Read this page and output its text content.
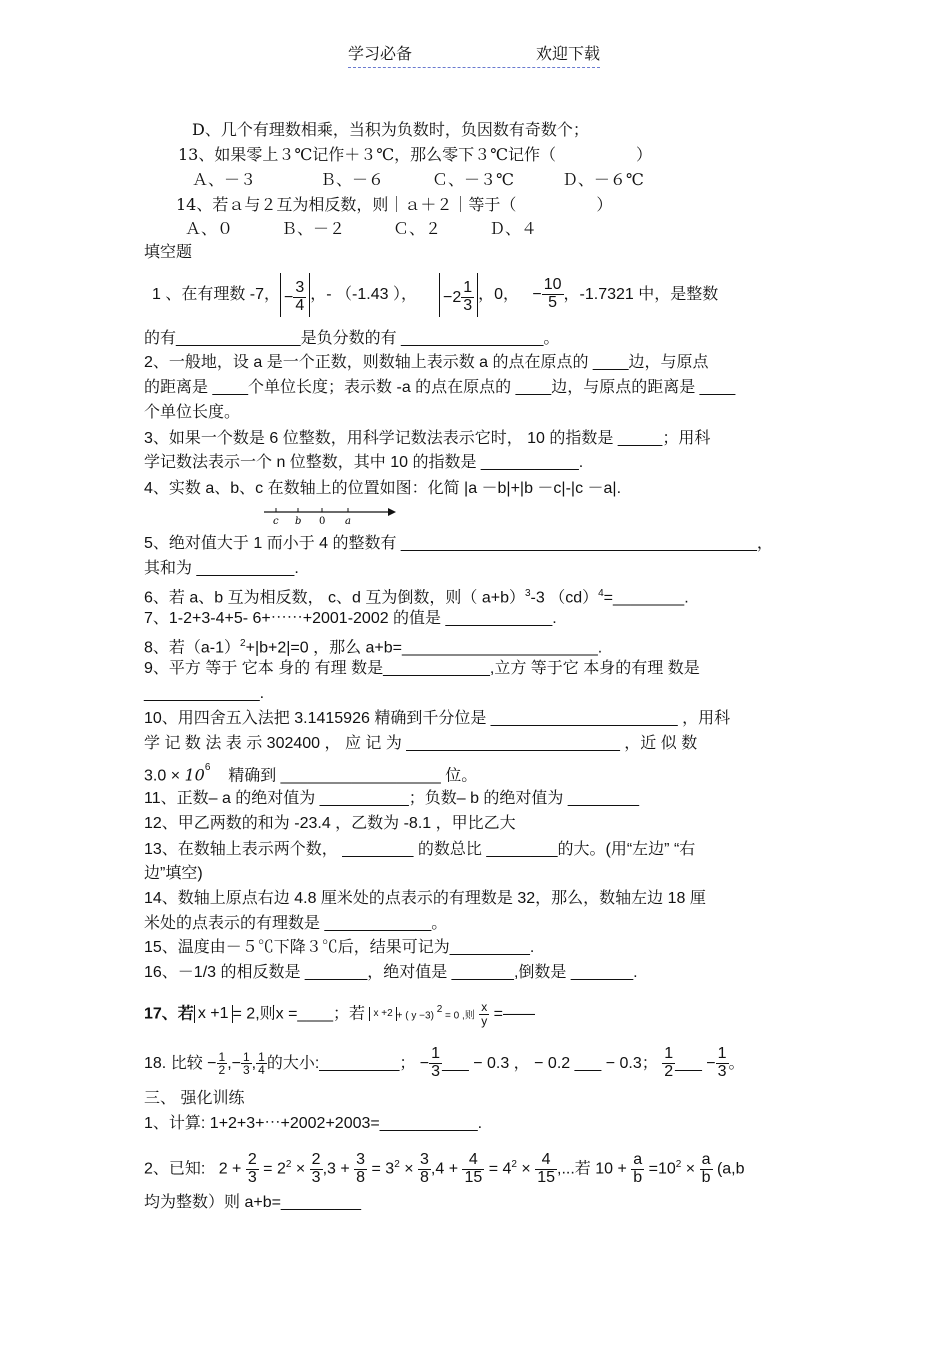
学习必备	欢迎下载
D、几个有理数相乘，当积为负数时，负因数有奇数个；
13、如果零上３℃记作＋３℃，那么零下３℃记作（　　　　　）
Ａ、－３　　　　Ｂ、－６　　　Ｃ、－３℃　　　Ｄ、－６℃
14、若ａ与２互为相反数，则｜ａ＋２｜等于（　　　　　）
Ａ、０　　　Ｂ、－２　　　Ｃ、２　　　Ｄ、４
填空题
1 、在有理数 -7， − $\frac{3}{4}$ ，- （-1.43 ）， $-2 \frac{1}{3}$ ，0，   − $\frac{10}{5}$ ，-1.7321 中，是整数
的有______________是负分数的有 ________________。
2、一般地，设 a 是一个正数，则数轴上表示数 a 的点在原点的 ____边，与原点
的距离是 ____个单位长度；表示数 -a 的点在原点的 ____边，与原点的距离是 ____
个单位长度。
3、如果一个数是 6 位整数，用科学记数法表示它时， 10 的指数是 _____；用科
学记数法表示一个 n 位整数，其中 10 的指数是 ___________.
4、实数 a、b、c 在数轴上的位置如图：化简 |a －b|+|b －c|-|c －a|.
c b 0 a
5、绝对值大于 1 而小于 4 的整数有 ________________________________________，
其和为 ___________.
6、若 a、b 互为相反数， c、d 互为倒数，则（ a+b）$^3$-3 （cd）$^4$=________.
7、1-2+3-4+5- 6+⋯⋯+2001-2002 的值是 ____________.
8、若$(a-1)^2+|b+2|=0$ ，那么 a+b=______________________.
9、平方 等于 它本 身的 有理 数是____________,立方 等于它 本身的有理 数是
_____________.
10、用四舍五入法把 3.1415926 精确到千分位是 _____________________ ，用科
学 记 数 法 表 示 302400 ， 应 记 为 ________________________ ，近 似 数
$3.0 \times 10^6$ 精确到 __________________ 位。
11、正数– a 的绝对值为 __________；负数– b 的绝对值为 ________
12、甲乙两数的和为 -23.4 ，乙数为 -8.1 ，甲比乙大
13、在数轴上表示两个数， ________ 的数总比 ________的大。(用“左边” “右
边”填空)
14、数轴上原点右边 4.8 厘米处的点表示的有理数是 32，那么，数轴左边 18 厘
米处的点表示的有理数是 ____________。
15、温度由－５℃下降３℃后，结果可记为_________.
16、－1/3 的相反数是 _______，绝对值是 _______,倒数是 _______.
17、若 x +1 = 2,则x =____；若 x +2 + ( y −3) $^2$ = 0 ,则 $\frac{x}{y}$ =——
18. 比较 − $\frac{1}{2}$ ,− $\frac{1}{3}$ , $\frac{1}{4}$ 的大小:_________； − $\frac{1}{3}$ ___ − 0.3 ， − 0.2 ___ − 0.3； $\frac{1}{2}$ ___ − $\frac{1}{3}$ 。
三、 强化训练
1、计算: 1+2+3+⋯+2002+2003=___________.
2、已知:   $2 + \frac{2}{3} = 2^2 \times \frac{2}{3} ,3 + \frac{3}{8} = 3^2 \times \frac{3}{8} ,4 + \frac{4}{15} = 4^2 \times \frac{4}{15}$ ,...若 $10 + \frac{a}{b} =10^2 \times \frac{a}{b} (a,b$
均为整数）则 a+b=_________
